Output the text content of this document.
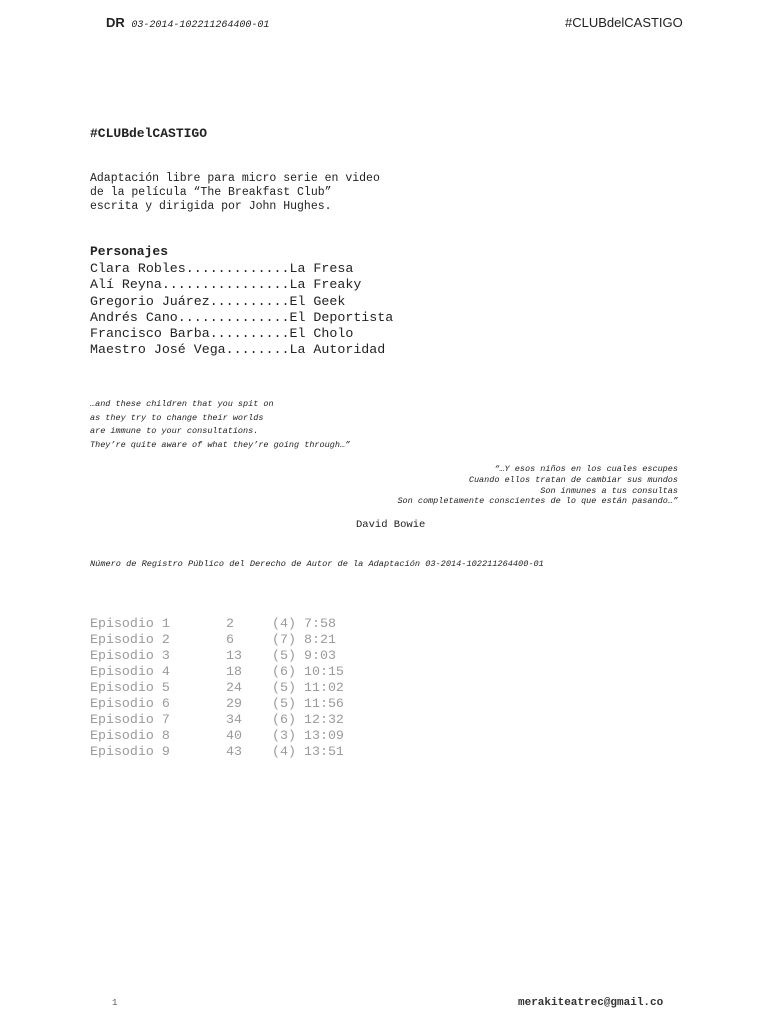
DR 03-2014-102211264400-01	#CLUBdelCASTIGO
#CLUBdelCASTIGO
Adaptación libre para micro serie en video
de la película “The Breakfast Club”
escrita y dirigida por John Hughes.
Personajes
Clara Robles.............La Fresa
Alí Reyna................La Freaky
Gregorio Juárez..........El Geek
Andrés Cano..............El Deportista
Francisco Barba..........El Cholo
Maestro José Vega........La Autoridad
…and these children that you spit on
as they try to change their worlds
are immune to your consultations.
They’re quite aware of what they’re going through…”
“…Y esos niños en los cuales escupes
Cuando ellos tratan de cambiar sus mundos
Son inmunes a tus consultas
Son completamente conscientes de lo que están pasando…”
David Bowie
Número de Registro Público del Derecho de Autor de la Adaptación 03-2014-102211264400-01
Episodio 1	2	(4)	7:58
Episodio 2	6	(7)	8:21
Episodio 3	13	(5)	9:03
Episodio 4	18	(6)	10:15
Episodio 5	24	(5)	11:02
Episodio 6	29	(5)	11:56
Episodio 7	34	(6)	12:32
Episodio 8	40	(3)	13:09
Episodio 9	43	(4)	13:51
1	merakiteatrec@gmail.co
